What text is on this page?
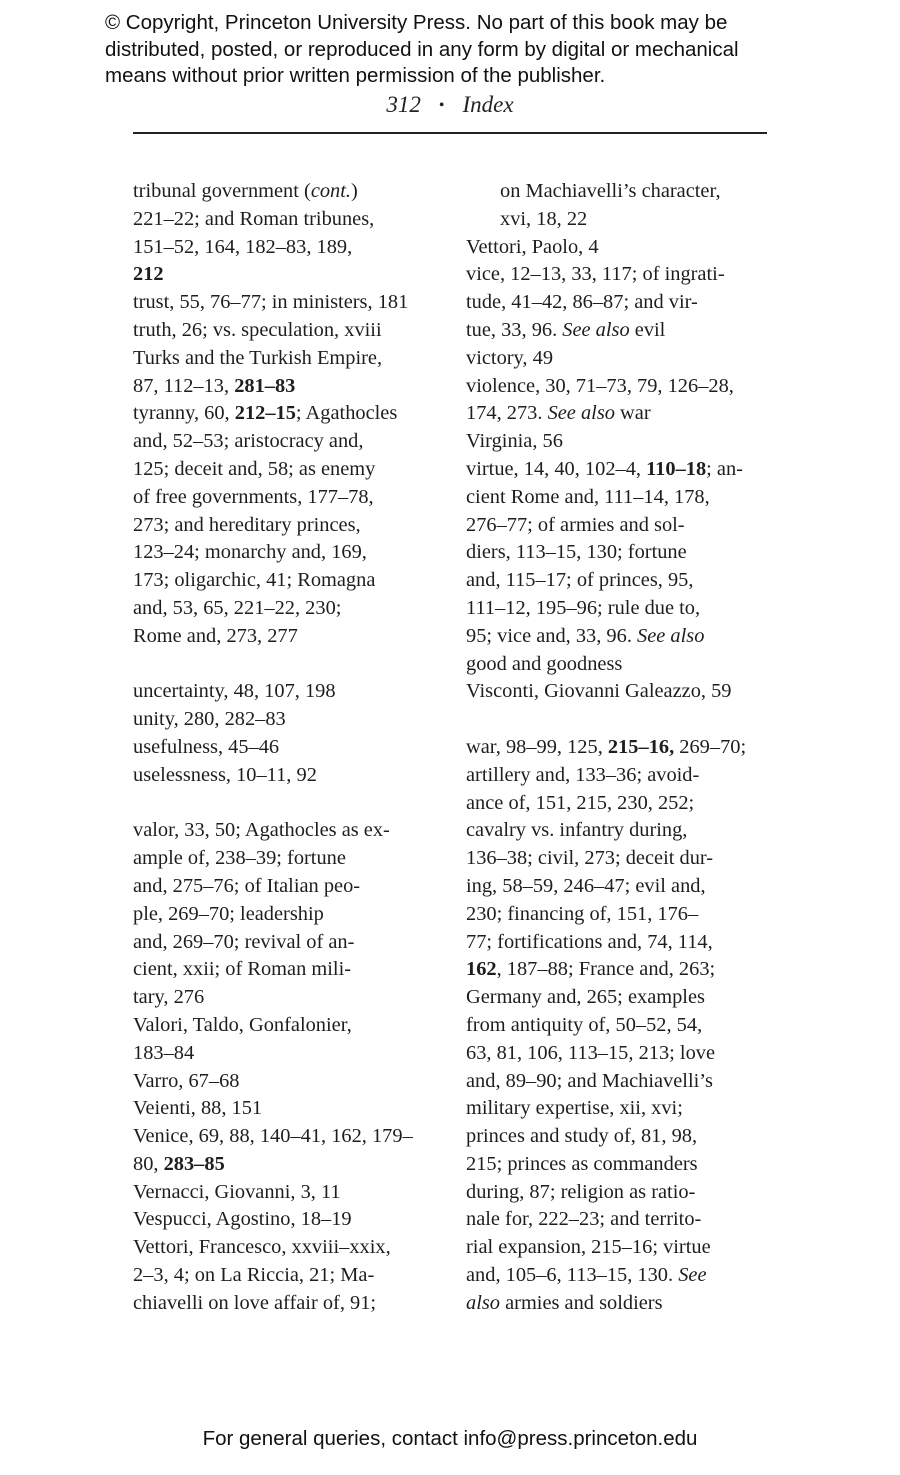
© Copyright, Princeton University Press. No part of this book may be
distributed, posted, or reproduced in any form by digital or mechanical
means without prior written permission of the publisher.
312 • Index
tribunal government (cont.)
221–22; and Roman tribunes,
151–52, 164, 182–83, 189,
212
trust, 55, 76–77; in ministers, 181
truth, 26; vs. speculation, xviii
Turks and the Turkish Empire,
87, 112–13, 281–83
tyranny, 60, 212–15; Agathocles
and, 52–53; aristocracy and,
125; deceit and, 58; as enemy
of free governments, 177–78,
273; and hereditary princes,
123–24; monarchy and, 169,
173; oligarchic, 41; Romagna
and, 53, 65, 221–22, 230;
Rome and, 273, 277
uncertainty, 48, 107, 198
unity, 280, 282–83
usefulness, 45–46
uselessness, 10–11, 92
valor, 33, 50; Agathocles as ex-
ample of, 238–39; fortune
and, 275–76; of Italian peo-
ple, 269–70; leadership
and, 269–70; revival of an-
cient, xxii; of Roman mili-
tary, 276
Valori, Taldo, Gonfalonier,
183–84
Varro, 67–68
Veienti, 88, 151
Venice, 69, 88, 140–41, 162, 179–
80, 283–85
Vernacci, Giovanni, 3, 11
Vespucci, Agostino, 18–19
Vettori, Francesco, xxviii–xxix,
2–3, 4; on La Riccia, 21; Ma-
chiavelli on love affair of, 91;
on Machiavelli’s character,
xvi, 18, 22
Vettori, Paolo, 4
vice, 12–13, 33, 117; of ingrati-
tude, 41–42, 86–87; and vir-
tue, 33, 96. See also evil
victory, 49
violence, 30, 71–73, 79, 126–28,
174, 273. See also war
Virginia, 56
virtue, 14, 40, 102–4, 110–18; an-
cient Rome and, 111–14, 178,
276–77; of armies and sol-
diers, 113–15, 130; fortune
and, 115–17; of princes, 95,
111–12, 195–96; rule due to,
95; vice and, 33, 96. See also
good and goodness
Visconti, Giovanni Galeazzo, 59
war, 98–99, 125, 215–16, 269–70;
artillery and, 133–36; avoid-
ance of, 151, 215, 230, 252;
cavalry vs. infantry during,
136–38; civil, 273; deceit dur-
ing, 58–59, 246–47; evil and,
230; financing of, 151, 176–
77; fortifications and, 74, 114,
162, 187–88; France and, 263;
Germany and, 265; examples
from antiquity of, 50–52, 54,
63, 81, 106, 113–15, 213; love
and, 89–90; and Machiavelli’s
military expertise, xii, xvi;
princes and study of, 81, 98,
215; princes as commanders
during, 87; religion as ratio-
nale for, 222–23; and territo-
rial expansion, 215–16; virtue
and, 105–6, 113–15, 130. See
also armies and soldiers
For general queries, contact info@press.princeton.edu
